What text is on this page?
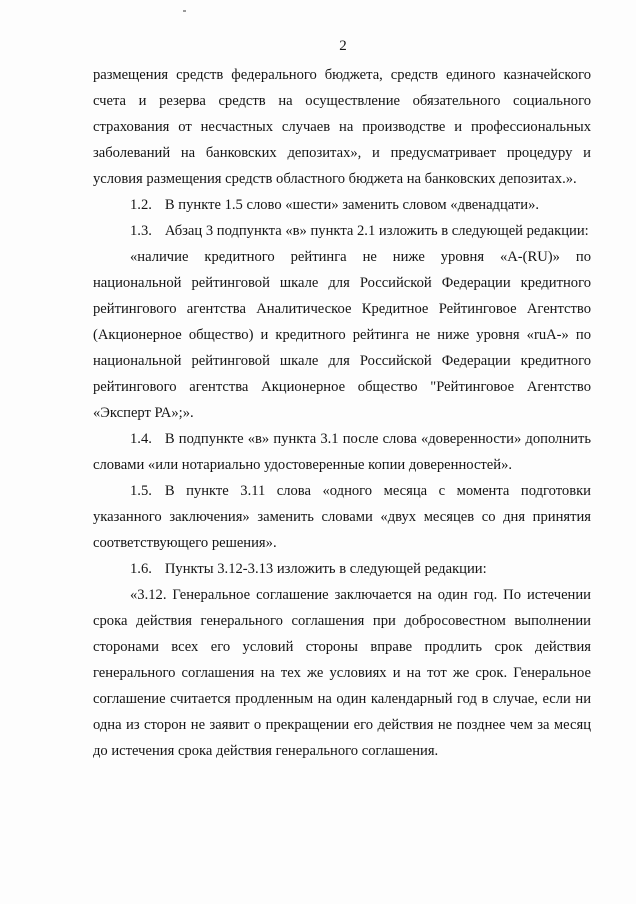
2

размещения средств федерального бюджета, средств единого казначейского счета и резерва средств на осуществление обязательного социального страхования от несчастных случаев на производстве и профессиональных заболеваний на банковских депозитах», и предусматривает процедуру и условия размещения средств областного бюджета на банковских депозитах.».

1.2. В пункте 1.5 слово «шести» заменить словом «двенадцати».

1.3. Абзац 3 подпункта «в» пункта 2.1 изложить в следующей редакции:

«наличие кредитного рейтинга не ниже уровня «A-(RU)» по национальной рейтинговой шкале для Российской Федерации кредитного рейтингового агентства Аналитическое Кредитное Рейтинговое Агентство (Акционерное общество) и кредитного рейтинга не ниже уровня «ruA-» по национальной рейтинговой шкале для Российской Федерации кредитного рейтингового агентства Акционерное общество "Рейтинговое Агентство «Эксперт РА»;».

1.4. В подпункте «в» пункта 3.1 после слова «доверенности» дополнить словами «или нотариально удостоверенные копии доверенностей».

1.5. В пункте 3.11 слова «одного месяца с момента подготовки указанного заключения» заменить словами «двух месяцев со дня принятия соответствующего решения».

1.6. Пункты 3.12-3.13 изложить в следующей редакции:

«3.12. Генеральное соглашение заключается на один год. По истечении срока действия генерального соглашения при добросовестном выполнении сторонами всех его условий стороны вправе продлить срок действия генерального соглашения на тех же условиях и на тот же срок. Генеральное соглашение считается продленным на один календарный год в случае, если ни одна из сторон не заявит о прекращении его действия не позднее чем за месяц до истечения срока действия генерального соглашения.
